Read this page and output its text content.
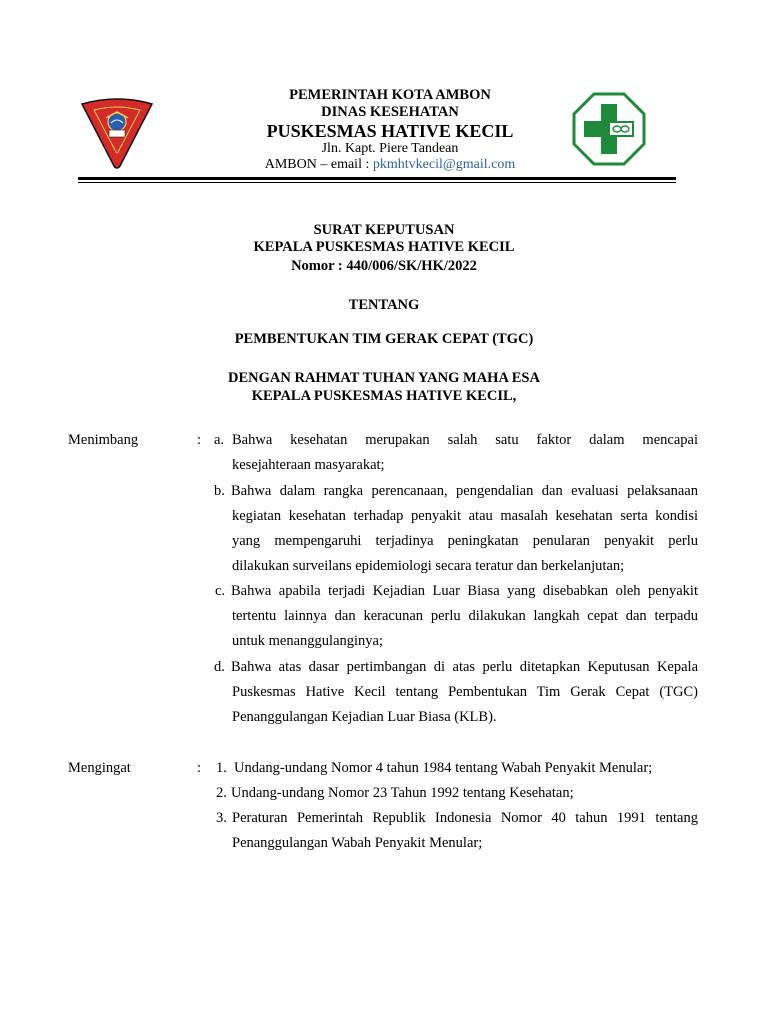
PEMERINTAH KOTA AMBON
DINAS KESEHATAN
PUSKESMAS HATIVE KECIL
Jln. Kapt. Piere Tandean
AMBON – email : pkmhtvkecil@gmail.com
SURAT KEPUTUSAN
KEPALA PUSKESMAS HATIVE KECIL
Nomor : 440/006/SK/HK/2022
TENTANG
PEMBENTUKAN TIM GERAK CEPAT (TGC)
DENGAN RAHMAT TUHAN YANG MAHA ESA
KEPALA PUSKESMAS HATIVE KECIL,
Menimbang	: a. Bahwa kesehatan merupakan salah satu faktor dalam mencapai
kesejahteraan masyarakat;
b. Bahwa dalam rangka perencanaan, pengendalian dan evaluasi pelaksanaan
kegiatan kesehatan terhadap penyakit atau masalah kesehatan serta kondisi
yang mempengaruhi terjadinya peningkatan penularan penyakit perlu
dilakukan surveilans epidemiologi secara teratur dan berkelanjutan;
c. Bahwa apabila terjadi Kejadian Luar Biasa yang disebabkan oleh penyakit
tertentu lainnya dan keracunan perlu dilakukan langkah cepat dan terpadu
untuk menanggulanginya;
d. Bahwa atas dasar pertimbangan di atas perlu ditetapkan Keputusan Kepala
Puskesmas Hative Kecil tentang Pembentukan Tim Gerak Cepat (TGC)
Penanggulangan Kejadian Luar Biasa (KLB).
Mengingat	: 1. Undang-undang Nomor 4 tahun 1984 tentang Wabah Penyakit Menular;
2. Undang-undang Nomor 23 Tahun 1992 tentang Kesehatan;
3. Peraturan Pemerintah Republik Indonesia Nomor 40 tahun 1991 tentang
Penanggulangan Wabah Penyakit Menular;
